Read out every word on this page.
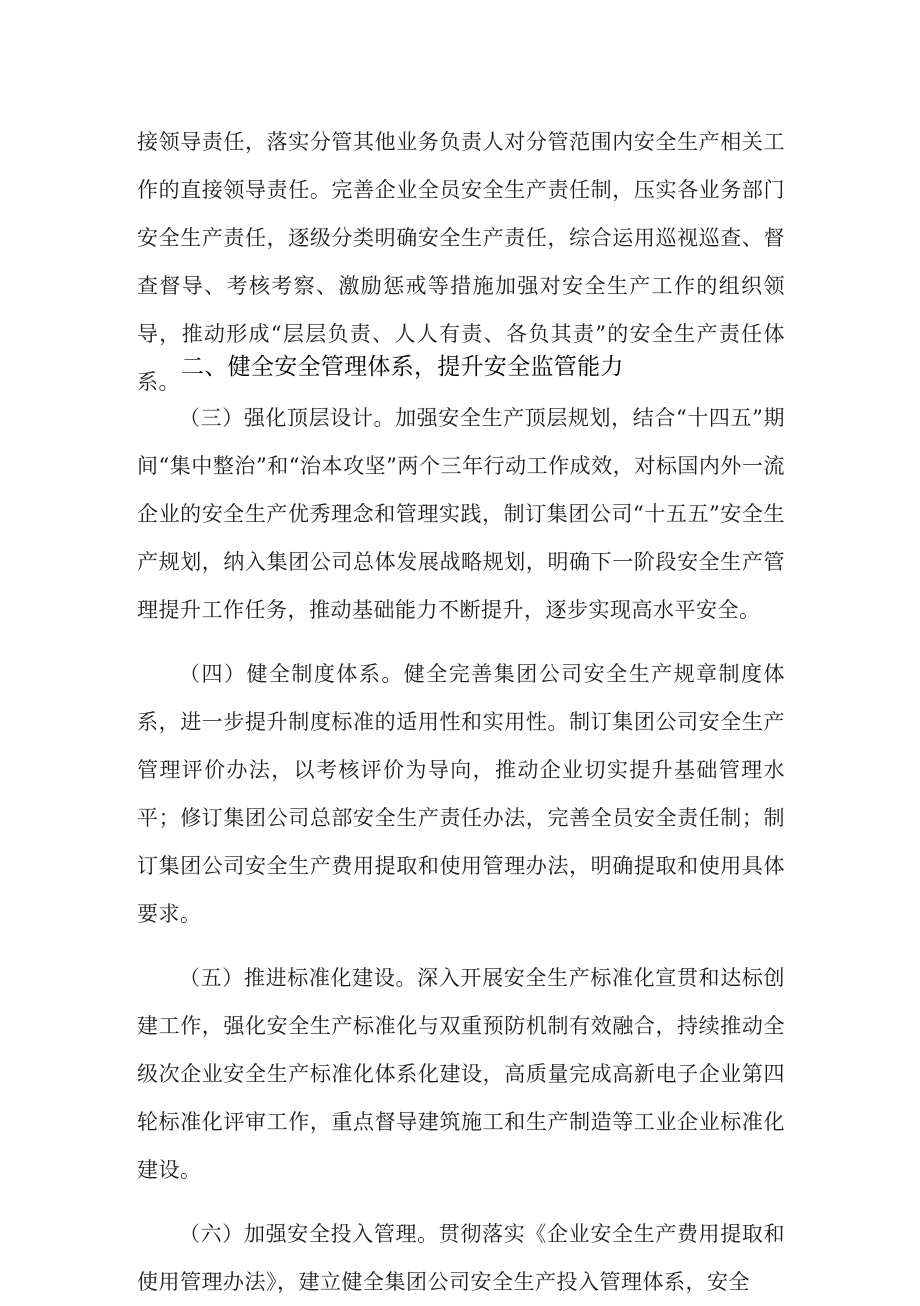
接领导责任，落实分管其他业务负责人对分管范围内安全生产相关工作的直接领导责任。完善企业全员安全生产责任制，压实各业务部门安全生产责任，逐级分类明确安全生产责任，综合运用巡视巡查、督查督导、考核考察、激励惩戒等措施加强对安全生产工作的组织领导，推动形成“层层负责、人人有责、各负其责”的安全生产责任体系。

二、健全安全管理体系，提升安全监管能力

（三）强化顶层设计。加强安全生产顶层规划，结合“十四五”期间“集中整治”和“治本攻坚”两个三年行动工作成效，对标国内外一流企业的安全生产优秀理念和管理实践，制订集团公司“十五五”安全生产规划，纳入集团公司总体发展战略规划，明确下一阶段安全生产管理提升工作任务，推动基础能力不断提升，逐步实现高水平安全。

（四）健全制度体系。健全完善集团公司安全生产规章制度体系，进一步提升制度标准的适用性和实用性。制订集团公司安全生产管理评价办法，以考核评价为导向，推动企业切实提升基础管理水平；修订集团公司总部安全生产责任办法，完善全员安全责任制；制订集团公司安全生产费用提取和使用管理办法，明确提取和使用具体要求。

（五）推进标准化建设。深入开展安全生产标准化宣贯和达标创建工作，强化安全生产标准化与双重预防机制有效融合，持续推动全级次企业安全生产标准化体系化建设，高质量完成高新电子企业第四轮标准化评审工作，重点督导建筑施工和生产制造等工业企业标准化建设。

（六）加强安全投入管理。贯彻落实《企业安全生产费用提取和使用管理办法》，建立健全集团公司安全生产投入管理体系，安全
